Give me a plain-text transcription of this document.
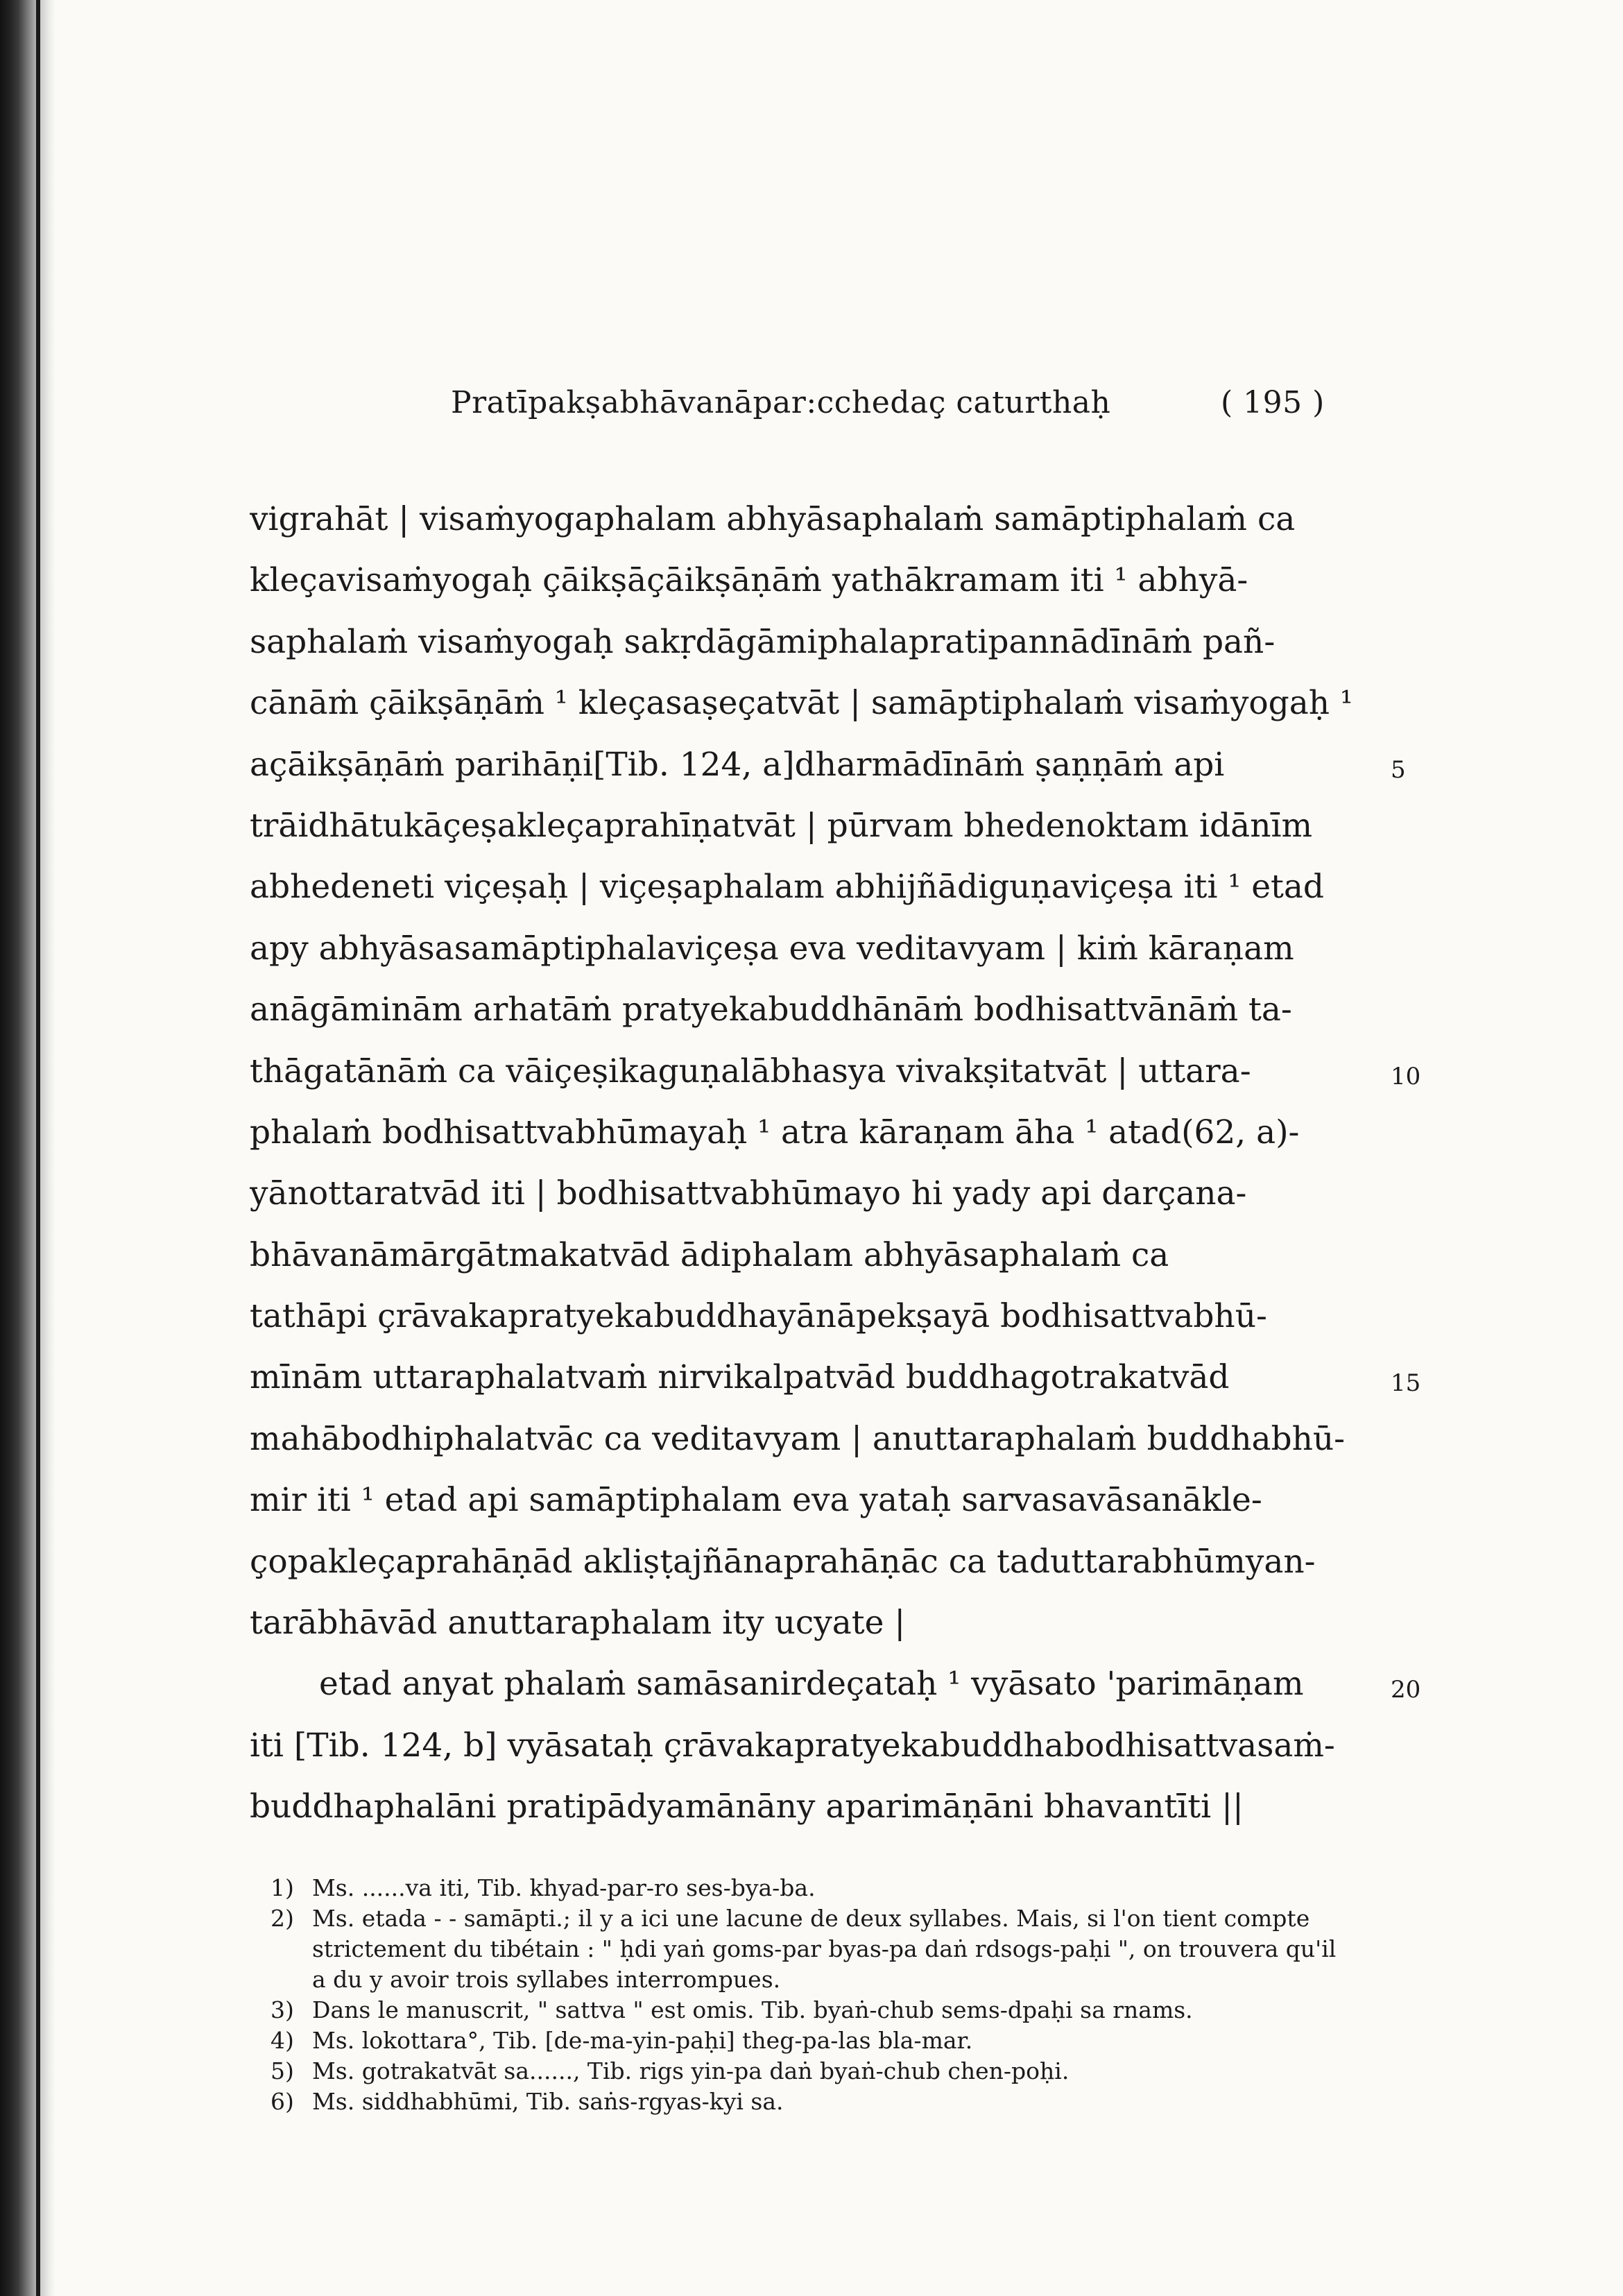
Pratīpakṣabhāvanāpar:cchedaç caturthaḥ	( 195 )
vigrahāt | visaṁyogaphalam abhyāsaphalaṁ samāptiphalaṁ ca
kleçavisaṁyogaḥ çāikṣāçāikṣāṇāṁ yathākramam iti ¹ abhyā-
saphalaṁ visaṁyogaḥ sakṛdāgāmiphalapratipannādīnāṁ pañ-
cānāṁ çāikṣāṇāṁ ¹ kleçasaṣeçatvāt | samāptiphalaṁ visaṁyogaḥ ¹
açāikṣāṇāṁ parihāṇi[Tib. 124, a]dharmādīnāṁ ṣaṇṇāṁ api
trāidhātukāçeṣakleçaprahīṇatvāt | pūrvam bhedenoktam idānīm
abhedeneti viçeṣaḥ | viçeṣaphalam abhijñādiguṇaviçeṣa iti ¹ etad
apy abhyāsasamāptiphalaviçeṣa eva veditavyam | kiṁ kāraṇam
anāgāminām arhatāṁ pratyekabuddhānāṁ bodhisattvānāṁ ta-
thāgatānāṁ ca vāiçeṣikaguṇalābhasya vivakṣitatvāt | uttara-
phalaṁ bodhisattvabhūmayaḥ ¹ atra kāraṇam āha ¹ atad(62, a)-
yānottaratvād iti | bodhisattvabhūmayo hi yady api darçana-
bhāvanāmārgātmakatvād ādiphalam abhyāsaphalaṁ ca
tathāpi çrāvakapratyekabuddhayānāpekṣayā bodhisattvabhū-
mīnām uttaraphalatvaṁ nirvikalpatvād buddhagotrakatvād
mahābodhiphalatvāc ca veditavyam | anuttaraphalaṁ buddhabhū-
mir iti ¹ etad api samāptiphalam eva yataḥ sarvasavāsanākle-
çopakleçaprahāṇād akliṣṭajñānaprahāṇāc ca taduttarabhūmyan-
tarābhāvād anuttaraphalam ity ucyate |
etad anyat phalaṁ samāsanirdeçataḥ ¹ vyāsato 'parimāṇam
iti [Tib. 124, b] vyāsataḥ çrāvakapratyekabuddhabodhisattvasaṁ-
buddhaphalāni pratipādyamānāny aparimāṇāni bhavantīti ||
5
10
15
20
1) Ms. ......va iti, Tib. khyad-par-ro ses-bya-ba.
2) Ms. etada - - samāpti.; il y a ici une lacune de deux syllabes. Mais, si l'on tient compte strictement du tibétain : " ḥdi yaṅ goms-par byas-pa daṅ rdsogs-paḥi ", on trouvera qu'il a du y avoir trois syllabes interrompues.
3) Dans le manuscrit, " sattva " est omis. Tib. byaṅ-chub sems-dpaḥi sa rnams.
4) Ms. lokottara°, Tib. [de-ma-yin-paḥi] theg-pa-las bla-mar.
5) Ms. gotrakatvāt sa......, Tib. rigs yin-pa daṅ byaṅ-chub chen-poḥi.
6) Ms. siddhabhūmi, Tib. saṅs-rgyas-kyi sa.
